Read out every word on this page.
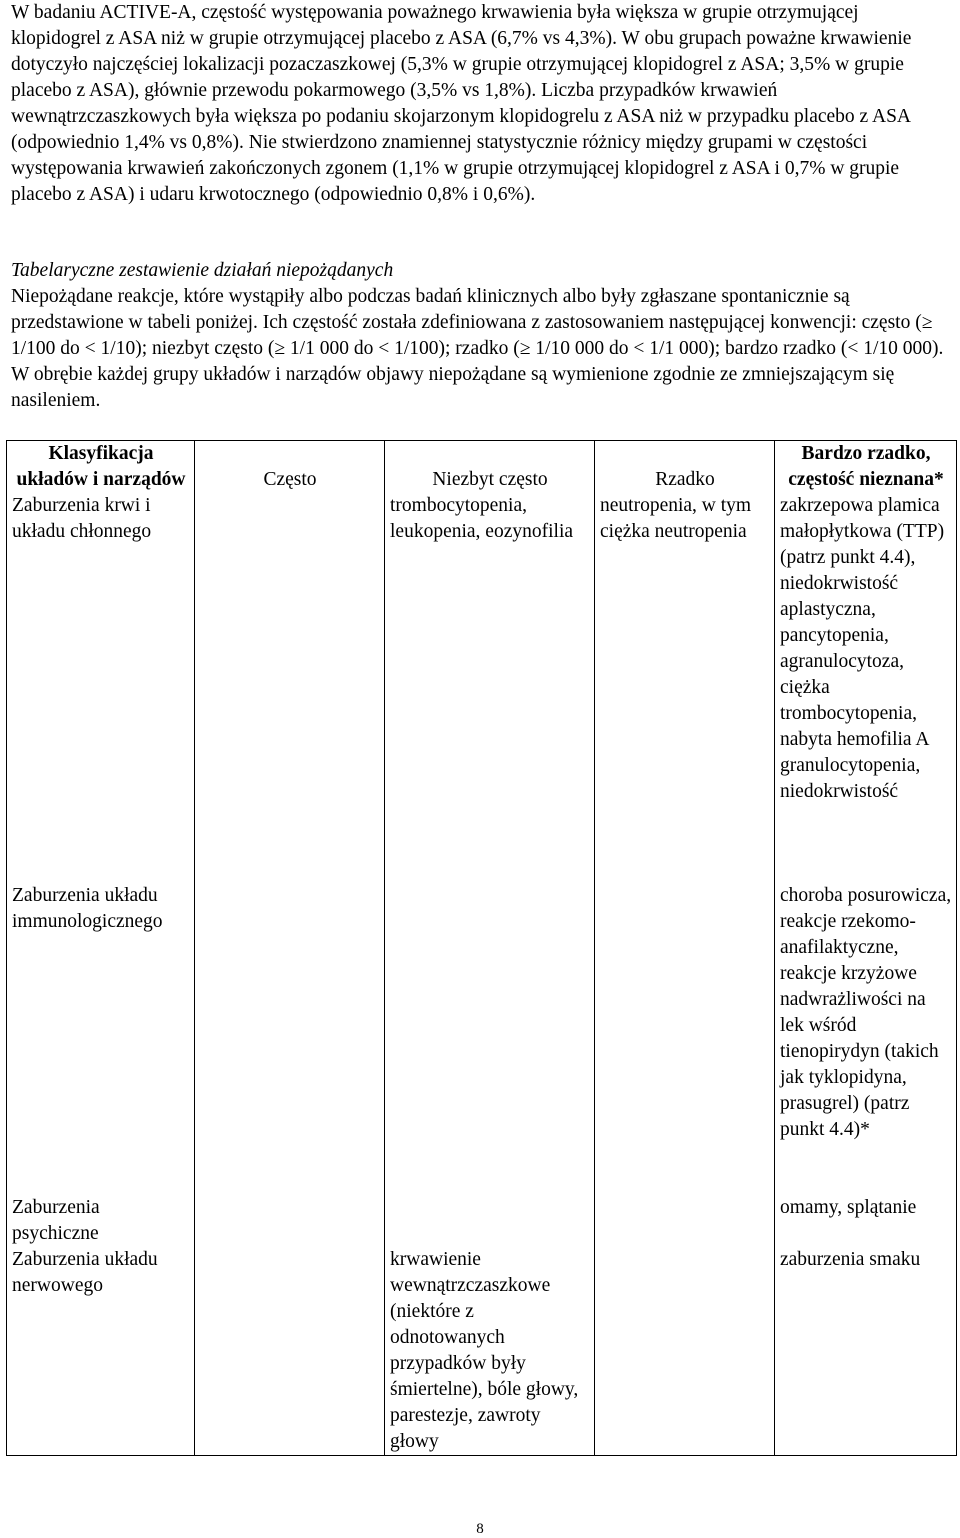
W badaniu ACTIVE-A, częstość występowania poważnego krwawienia była większa w grupie otrzymującej klopidogrel z ASA niż w grupie otrzymującej placebo z ASA (6,7% vs 4,3%). W obu grupach poważne krwawienie dotyczyło najczęściej lokalizacji pozaczaszkowej (5,3% w grupie otrzymującej klopidogrel z ASA; 3,5% w grupie placebo z ASA), głównie przewodu pokarmowego (3,5% vs 1,8%). Liczba przypadków krwawień wewnątrzczaszkowych była większa po podaniu skojarzonym klopidogrelu z ASA niż w przypadku placebo z ASA (odpowiednio 1,4% vs 0,8%). Nie stwierdzono znamiennej statystycznie różnicy między grupami w częstości występowania krwawień zakończonych zgonem (1,1% w grupie otrzymującej klopidogrel z ASA i 0,7% w grupie placebo z ASA) i udaru krwotocznego (odpowiednio 0,8% i 0,6%).

Tabelaryczne zestawienie działań niepożądanych

Niepożądane reakcje, które wystąpiły albo podczas badań klinicznych albo były zgłaszane spontanicznie są przedstawione w tabeli poniżej. Ich częstość została zdefiniowana z zastosowaniem następującej konwencji: często (≥ 1/100 do < 1/10); niezbyt często (≥ 1/1 000 do < 1/100); rzadko (≥ 1/10 000 do < 1/1 000); bardzo rzadko (< 1/10 000). W obrębie każdej grupy układów i narządów objawy niepożądane są wymienione zgodnie ze zmniejszającym się nasileniem.

Klasyfikacja układów i narządów	Często	Niezbyt często	Rzadko	Bardzo rzadko, częstość nieznana*
Zaburzenia krwi i układu chłonnego		trombocytopenia, leukopenia, eozynofilia	neutropenia, w tym ciężka neutropenia	zakrzepowa plamica małopłytkowa (TTP) (patrz punkt 4.4), niedokrwistość aplastyczna, pancytopenia, agranulocytoza, ciężka trombocytopenia, nabyta hemofilia A granulocytopenia, niedokrwistość
Zaburzenia układu immunologicznego				choroba posurowicza, reakcje rzekomo-anafilaktyczne, reakcje krzyżowe nadwrażliwości na lek wśród tienopirydyn (takich jak tyklopidyna, prasugrel) (patrz punkt 4.4)*
Zaburzenia psychiczne				omamy, splątanie
Zaburzenia układu nerwowego		krwawienie wewnątrzczaszkowe (niektóre z odnotowanych przypadków były śmiertelne), bóle głowy, parestezje, zawroty głowy		zaburzenia smaku
8
